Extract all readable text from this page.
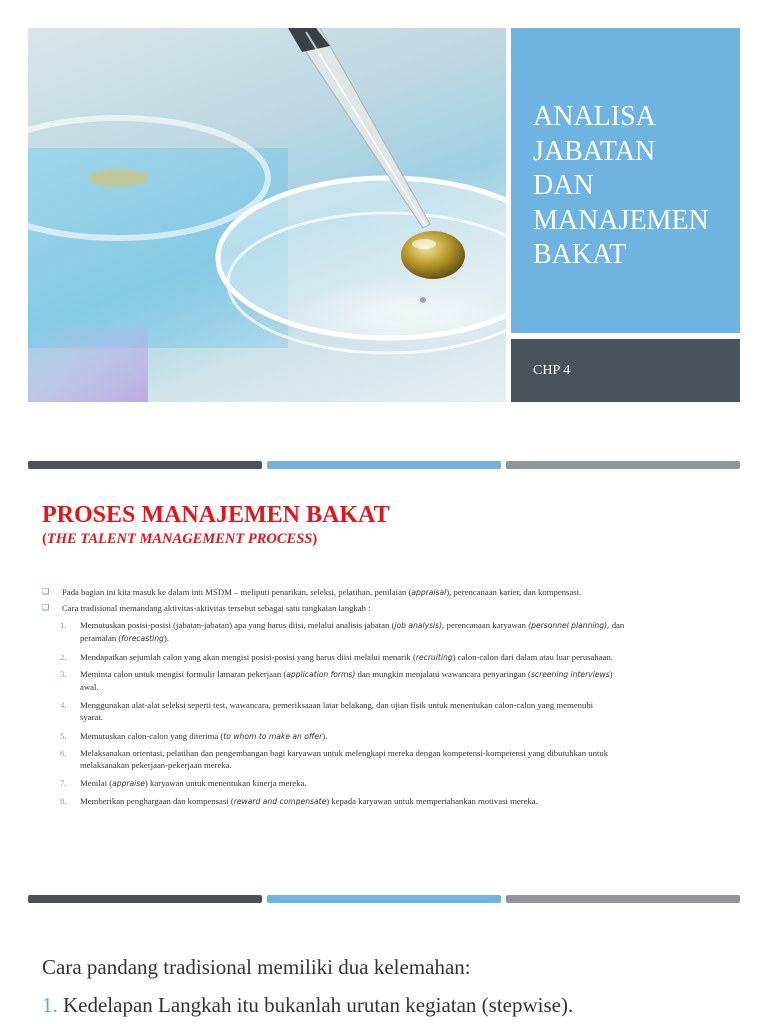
ANALISA
JABATAN
DAN
MANAJEMEN
BAKAT
CHP 4
PROSES MANAJEMEN BAKAT
(THE TALENT MANAGEMENT PROCESS)
❑ Pada bagian ini kita masuk ke dalam inti MSDM – meliputi penarikan, seleksi, pelatihan, penilaian (appraisal), perencanaan karier, dan kompensasi.
❑ Cara tradisional memandang aktivitas-aktivitas tersebut sebagai satu rangkaian langkah :
1. Memutuskan posisi-posisi (jabatan-jabatan) apa yang harus diisi, melalui analisis jabatan (job analysis), perencanaan karyawan (personnel planning), dan
peramalan (forecasting).
2. Mendapatkan sejumlah calon yang akan mengisi posisi-posisi yang harus diisi melalui menarik (recruiting) calon-calon dari dalam atau luar perusahaan.
3. Meminta calon untuk mengisi formulir lamaran pekerjaan (application forms) dan mungkin menjalani wawancara penyaringan (screening interviews)
awal.
4. Menggunakan alat-alat seleksi seperti test, wawancara, pemeriksaaan latar belakang, dan ujian fisik untuk menentukan calon-calon yang memenuhi
syarat.
5. Memutuskan calon-calon yang diterima (to whom to make an offer).
6. Melaksanakan orientasi, pelatihan dan pengembangan bagi karyawan untuk melengkapi mereka dengan kompetensi-kompetensi yang dibutuhkan untuk
melaksanakan pekerjaan-pekerjaan mereka.
7. Menilai (appraise) karyawan untuk menentukan kinerja mereka.
8. Memberikan penghargaan dan kompensasi (reward and compensate) kepada karyawan untuk mempertahankan motivasi mereka.
Cara pandang tradisional memiliki dua kelemahan:
1. Kedelapan Langkah itu bukanlah urutan kegiatan (stepwise).
